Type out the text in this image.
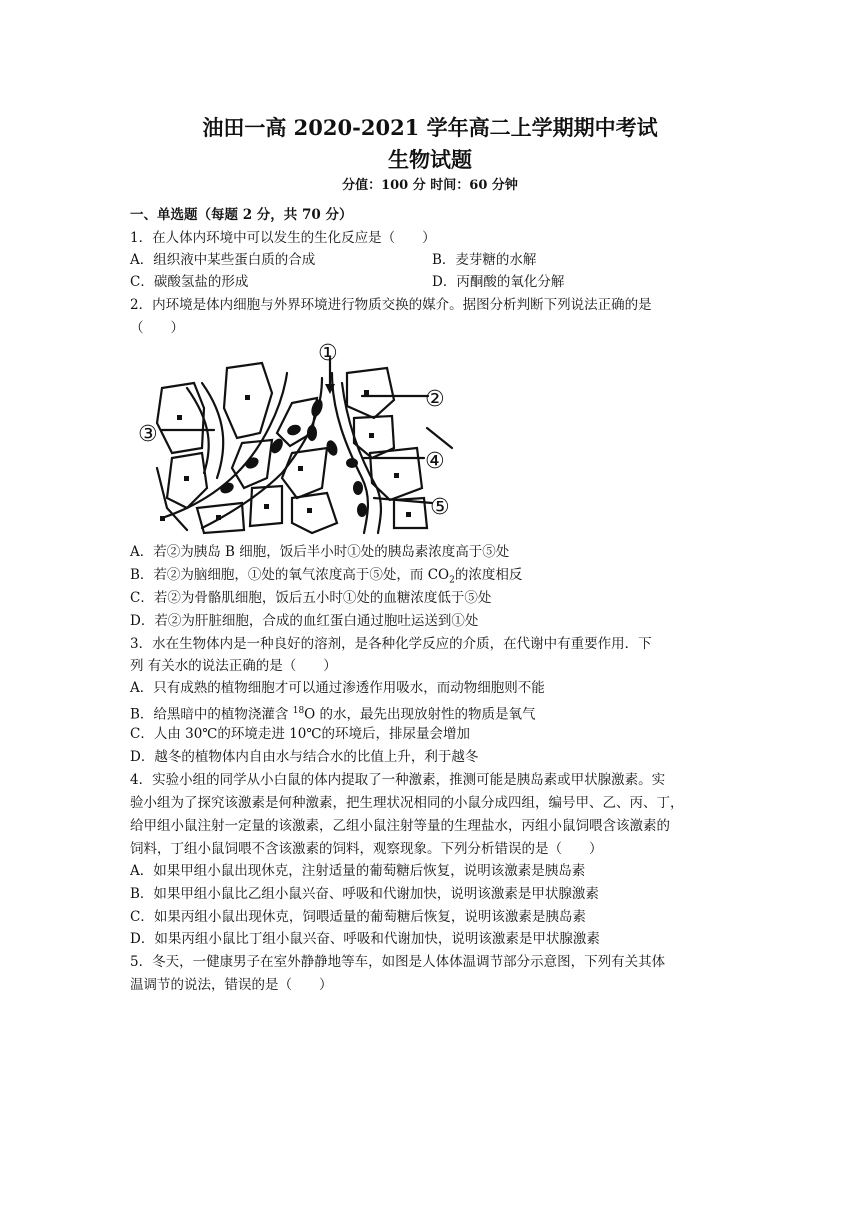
油田一高 2020-2021 学年高二上学期期中考试
生物试题
分值：100 分 时间：60 分钟
一、单选题（每题 2 分，共 70 分）
1．在人体内环境中可以发生的生化反应是（　　）
A．组织液中某些蛋白质的合成	B．麦芽糖的水解
C．碳酸氢盐的形成	D．丙酮酸的氧化分解
2．内环境是体内细胞与外界环境进行物质交换的媒介。据图分析判断下列说法正确的是
（　　）
①
②
③
④
⑤
A．若②为胰岛 B 细胞，饭后半小时①处的胰岛素浓度高于⑤处
B．若②为脑细胞，①处的氧气浓度高于⑤处，而 $CO_2$的浓度相反
C．若②为骨骼肌细胞，饭后五小时①处的血糖浓度低于⑤处
D．若②为肝脏细胞，合成的血红蛋白通过胞吐运送到①处
3．水在生物体内是一种良好的溶剂，是各种化学反应的介质，在代谢中有重要作用．下
列 有关水的说法正确的是（　　）
A．只有成熟的植物细胞才可以通过渗透作用吸水，而动物细胞则不能
B．给黑暗中的植物浇灌含 $^{18}$O 的水，最先出现放射性的物质是氧气
C．人由 30℃的环境走进 10℃的环境后，排尿量会增加
D．越冬的植物体内自由水与结合水的比值上升，利于越冬
4．实验小组的同学从小白鼠的体内提取了一种激素，推测可能是胰岛素或甲状腺激素。实
验小组为了探究该激素是何种激素，把生理状况相同的小鼠分成四组，编号甲、乙、丙、丁，
给甲组小鼠注射一定量的该激素，乙组小鼠注射等量的生理盐水，丙组小鼠饲喂含该激素的
饲料，丁组小鼠饲喂不含该激素的饲料，观察现象。下列分析错误的是（　　）
A．如果甲组小鼠出现休克，注射适量的葡萄糖后恢复，说明该激素是胰岛素
B．如果甲组小鼠比乙组小鼠兴奋、呼吸和代谢加快，说明该激素是甲状腺激素
C．如果丙组小鼠出现休克，饲喂适量的葡萄糖后恢复，说明该激素是胰岛素
D．如果丙组小鼠比丁组小鼠兴奋、呼吸和代谢加快，说明该激素是甲状腺激素
5．冬天，一健康男子在室外静静地等车，如图是人体体温调节部分示意图，下列有关其体
温调节的说法，错误的是（　　）
